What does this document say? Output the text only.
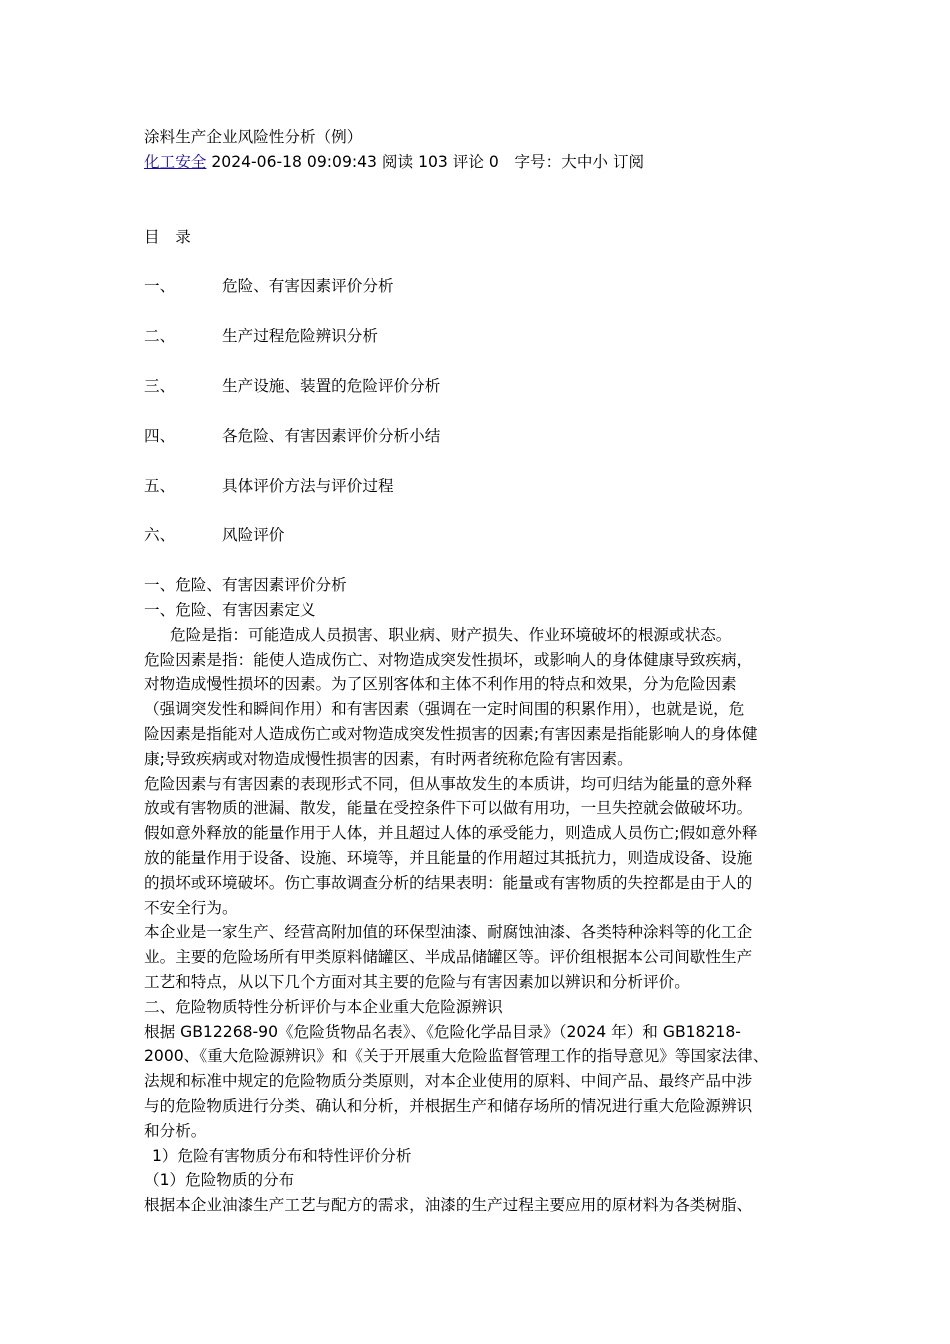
涂料生产企业风险性分析（例）
化工安全 2024-06-18 09:09:43 阅读 103 评论 0　字号：大中小 订阅
目　录
一、	危险、有害因素评价分析
二、	生产过程危险辨识分析
三、	生产设施、装置的危险评价分析
四、	各危险、有害因素评价分析小结
五、	具体评价方法与评价过程
六、	风险评价
一、危险、有害因素评价分析
一、危险、有害因素定义
危险是指：可能造成人员损害、职业病、财产损失、作业环境破坏的根源或状态。
危险因素是指：能使人造成伤亡、对物造成突发性损坏，或影响人的身体健康导致疾病，
对物造成慢性损坏的因素。为了区别客体和主体不利作用的特点和效果，分为危险因素
（强调突发性和瞬间作用）和有害因素（强调在一定时间围的积累作用），也就是说，危
险因素是指能对人造成伤亡或对物造成突发性损害的因素;有害因素是指能影响人的身体健
康;导致疾病或对物造成慢性损害的因素，有时两者统称危险有害因素。
危险因素与有害因素的表现形式不同，但从事故发生的本质讲，均可归结为能量的意外释
放或有害物质的泄漏、散发，能量在受控条件下可以做有用功，一旦失控就会做破坏功。
假如意外释放的能量作用于人体，并且超过人体的承受能力，则造成人员伤亡;假如意外释
放的能量作用于设备、设施、环境等，并且能量的作用超过其抵抗力，则造成设备、设施
的损坏或环境破坏。伤亡事故调查分析的结果表明：能量或有害物质的失控都是由于人的
不安全行为。
本企业是一家生产、经营高附加值的环保型油漆、耐腐蚀油漆、各类特种涂料等的化工企
业。主要的危险场所有甲类原料储罐区、半成品储罐区等。评价组根据本公司间歇性生产
工艺和特点，从以下几个方面对其主要的危险与有害因素加以辨识和分析评价。
二、危险物质特性分析评价与本企业重大危险源辨识
根据 GB12268-90《危险货物品名表》、《危险化学品目录》（2024 年）和 GB18218-
2000、《重大危险源辨识》和《关于开展重大危险监督管理工作的指导意见》等国家法律、
法规和标准中规定的危险物质分类原则，对本企业使用的原料、中间产品、最终产品中涉
与的危险物质进行分类、确认和分析，并根据生产和储存场所的情况进行重大危险源辨识
和分析。
1）危险有害物质分布和特性评价分析
（1）危险物质的分布
根据本企业油漆生产工艺与配方的需求，油漆的生产过程主要应用的原材料为各类树脂、
